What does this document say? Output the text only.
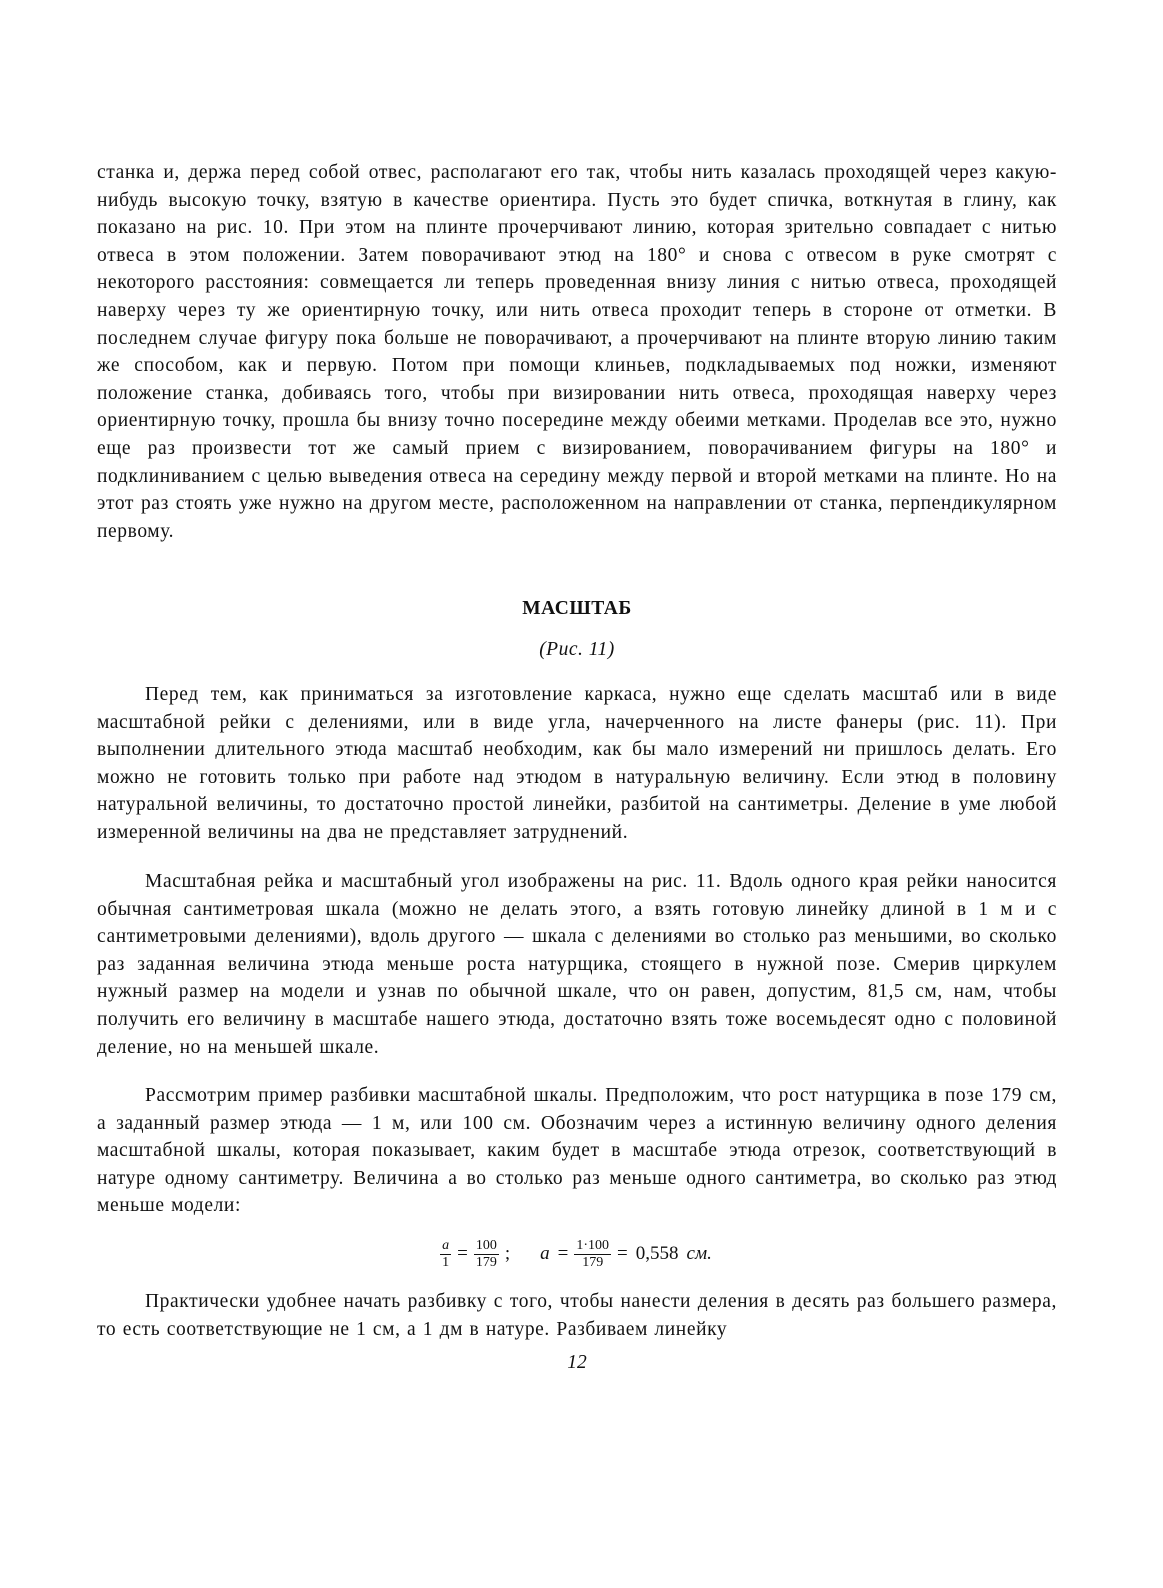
станка и, держа перед собой отвес, располагают его так, чтобы нить казалась проходящей через какую-нибудь высокую точку, взятую в качестве ориентира. Пусть это будет спичка, воткнутая в глину, как показано на рис. 10. При этом на плинте прочерчивают линию, которая зрительно совпадает с нитью отвеса в этом положении. Затем поворачивают этюд на 180° и снова с отвесом в руке смотрят с некоторого расстояния: совмещается ли теперь проведенная внизу линия с нитью отвеса, проходящей наверху через ту же ориентирную точку, или нить отвеса проходит теперь в стороне от отметки. В последнем случае фигуру пока больше не поворачивают, а прочерчивают на плинте вторую линию таким же способом, как и первую. Потом при помощи клиньев, подкладываемых под ножки, изменяют положение станка, добиваясь того, чтобы при визировании нить отвеса, проходящая наверху через ориентирную точку, прошла бы внизу точно посередине между обеими метками. Проделав все это, нужно еще раз произвести тот же самый прием с визированием, поворачиванием фигуры на 180° и подклиниванием с целью выведения отвеса на середину между первой и второй метками на плинте. Но на этот раз стоять уже нужно на другом месте, расположенном на направлении от станка, перпендикулярном первому.

МАСШТАБ

(Рис. 11)

Перед тем, как приниматься за изготовление каркаса, нужно еще сделать масштаб или в виде масштабной рейки с делениями, или в виде угла, начерченного на листе фанеры (рис. 11). При выполнении длительного этюда масштаб необходим, как бы мало измерений ни пришлось делать. Его можно не готовить только при работе над этюдом в натуральную величину. Если этюд в половину натуральной величины, то достаточно простой линейки, разбитой на сантиметры. Деление в уме любой измеренной величины на два не представляет затруднений.

Масштабная рейка и масштабный угол изображены на рис. 11. Вдоль одного края рейки наносится обычная сантиметровая шкала (можно не делать этого, а взять готовую линейку длиной в 1 м и с сантиметровыми делениями), вдоль другого — шкала с делениями во столько раз меньшими, во сколько раз заданная величина этюда меньше роста натурщика, стоящего в нужной позе. Смерив циркулем нужный размер на модели и узнав по обычной шкале, что он равен, допустим, 81,5 см, нам, чтобы получить его величину в масштабе нашего этюда, достаточно взять тоже восемьдесят одно с половиной деление, но на меньшей шкале.

Рассмотрим пример разбивки масштабной шкалы. Предположим, что рост натурщика в позе 179 см, а заданный размер этюда — 1 м, или 100 см. Обозначим через а истинную величину одного деления масштабной шкалы, которая показывает, каким будет в масштабе этюда отрезок, соответствующий в натуре одному сантиметру. Величина а во столько раз меньше одного сантиметра, во сколько раз этюд меньше модели:

$\frac{a}{1} = \frac{100}{179}$ ; $a = \frac{1\cdot 100}{179} = 0,558$ см.

Практически удобнее начать разбивку с того, чтобы нанести деления в десять раз большего размера, то есть соответствующие не 1 см, а 1 дм в натуре. Разбиваем линейку

12
